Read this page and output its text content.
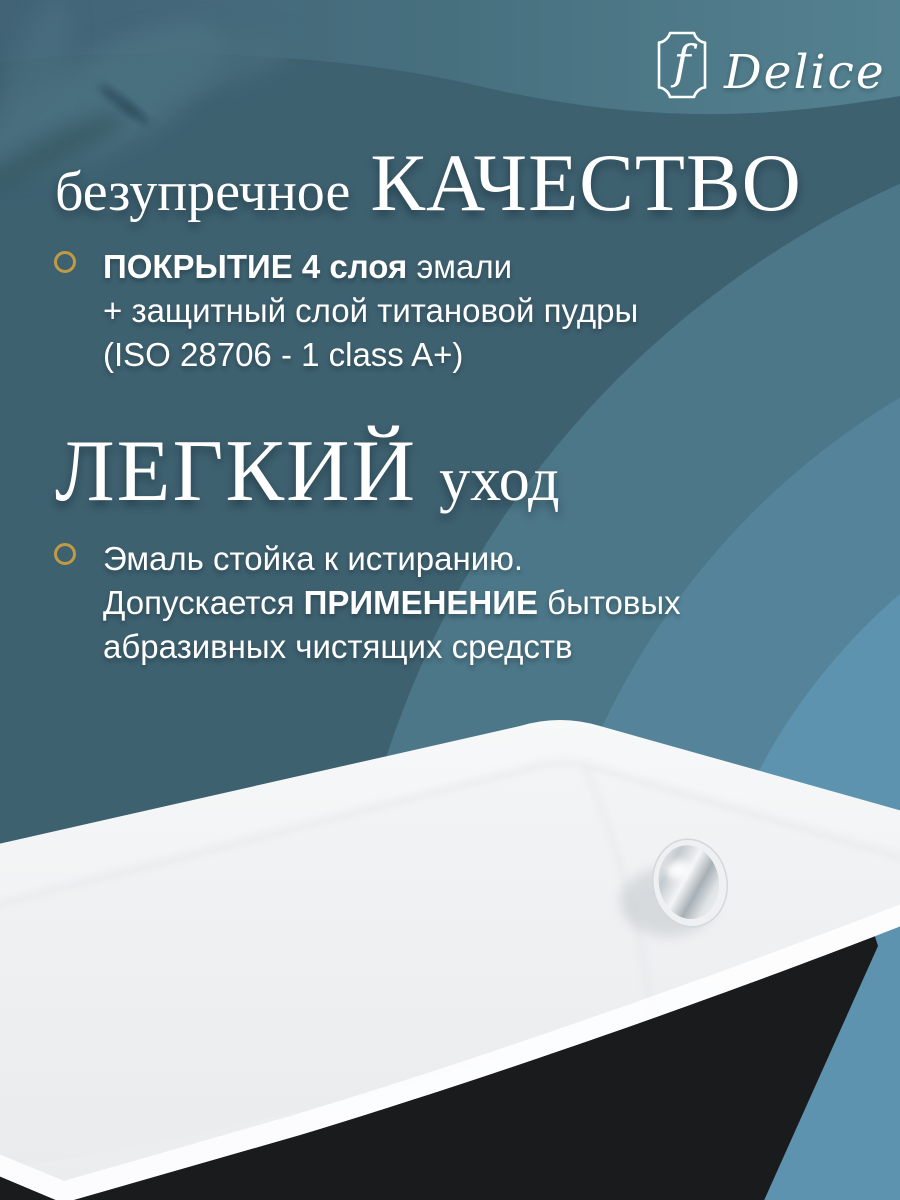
f Delice
безупречное КАЧЕСТВО
ПОКРЫТИЕ 4 слоя эмали
+ защитный слой титановой пудры
(ISO 28706 - 1 class A+)
ЛЕГКИЙ уход
Эмаль стойка к истиранию.
Допускается ПРИМЕНЕНИЕ бытовых
абразивных чистящих средств
